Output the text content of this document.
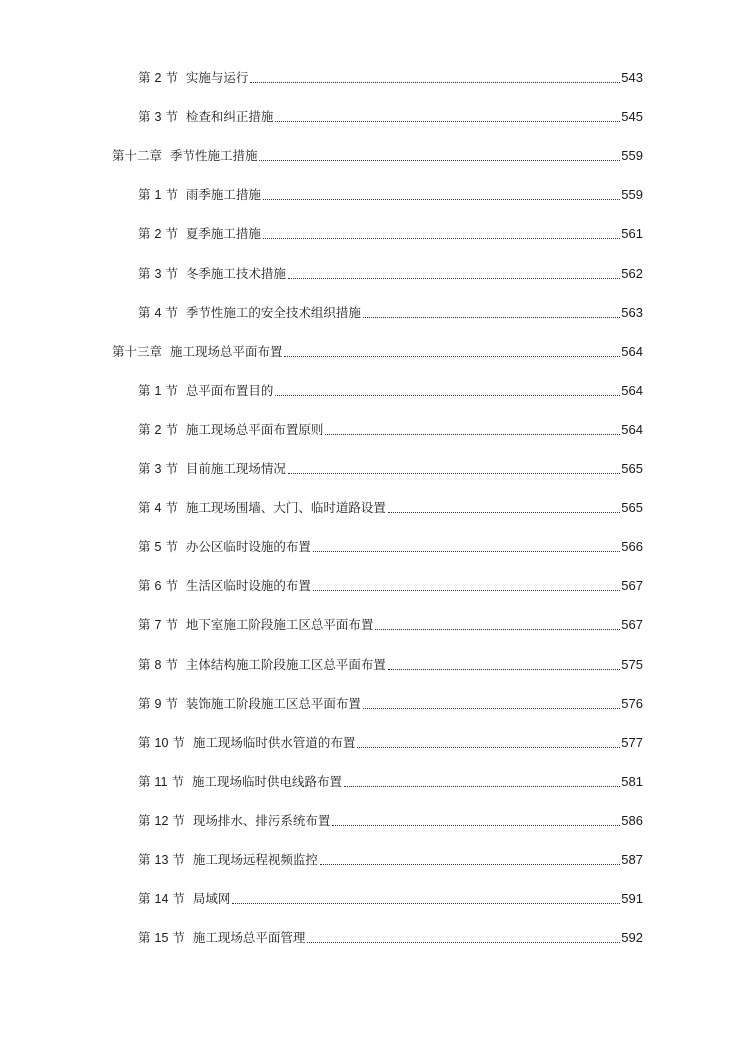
第 2 节 实施与运行	543
第 3 节 检查和纠正措施	545
第十二章 季节性施工措施	559
第 1 节 雨季施工措施	559
第 2 节 夏季施工措施	561
第 3 节 冬季施工技术措施	562
第 4 节 季节性施工的安全技术组织措施	563
第十三章 施工现场总平面布置	564
第 1 节 总平面布置目的	564
第 2 节 施工现场总平面布置原则	564
第 3 节 目前施工现场情况	565
第 4 节 施工现场围墙、大门、临时道路设置	565
第 5 节 办公区临时设施的布置	566
第 6 节 生活区临时设施的布置	567
第 7 节 地下室施工阶段施工区总平面布置	567
第 8 节 主体结构施工阶段施工区总平面布置	575
第 9 节 装饰施工阶段施工区总平面布置	576
第 10 节 施工现场临时供水管道的布置	577
第 11 节 施工现场临时供电线路布置	581
第 12 节 现场排水、排污系统布置	586
第 13 节 施工现场远程视频监控	587
第 14 节 局域网	591
第 15 节 施工现场总平面管理	592
